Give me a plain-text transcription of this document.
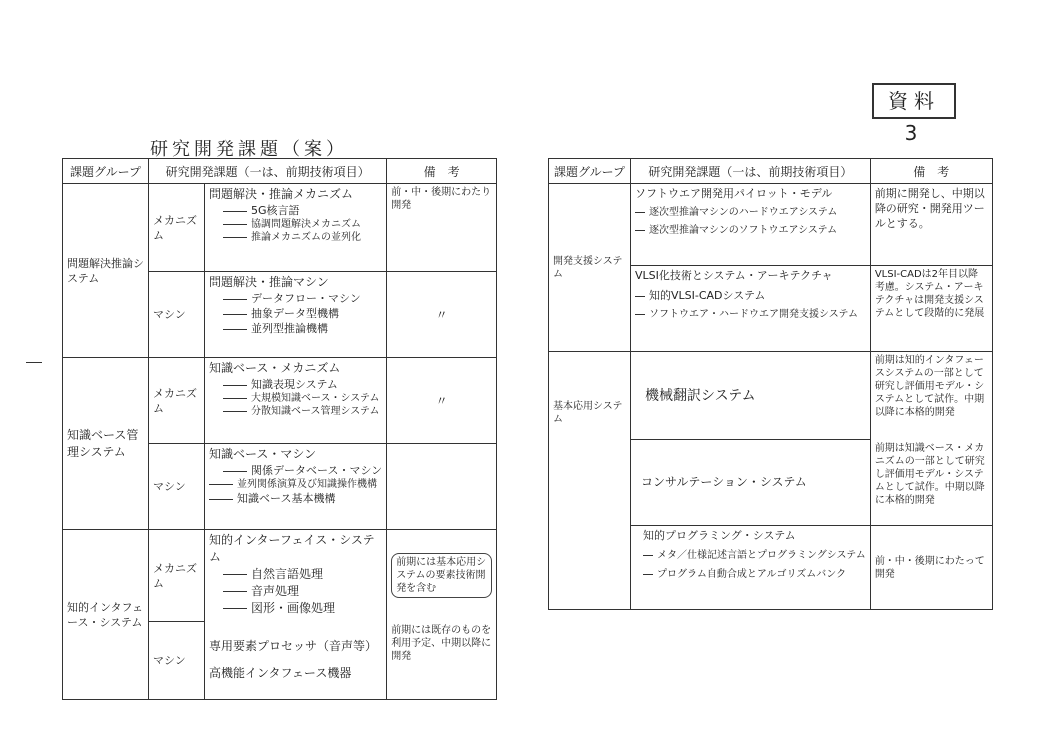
資料 3
研究開発課題（案）
課題グループ	研究開発課題（一は、前期技術項目）		備　考
問題解決推論システム	メカニズム	問題解決・推論メカニズム
5G核言語
協調問題解決メカニズム
推論メカニズムの並列化	前・中・後期にわたり開発
	マシン	問題解決・推論マシン
データフロー・マシン
抽象データ型機構
並列型推論機構	〃
知識ベース管理システム	メカニズム	知識ベース・メカニズム
知識表現システム
大規模知識ベース・システム
分散知識ベース管理システム	〃
	マシン	知識ベース・マシン
関係データベース・マシン
並列関係演算及び知識操作機構
知識ベース基本機構	

知的インタフェース・システム	メカニズム	知的インターフェイス・システム
自然言語処理
音声処理
図形・画像処理	前期には基本応用システムの要素技術開発を含む
	マシン	専用要素プロセッサ（音声等）
高機能インタフェース機器	前期には既存のものを利用予定、中期以降に開発
課題グループ	研究開発課題（一は、前期技術項目）	備　考
開発支援システム	ソフトウエア開発用パイロット・モデル
逐次型推論マシンのハードウエアシステム
逐次型推論マシンのソフトウエアシステム	前期に開発し、中期以降の研究・開発用ツールとする。

	VLSI化技術とシステム・アーキテクチャ
知的VLSI-CADシステム
ソフトウエア・ハードウエア開発支援システム	VLSI-CADは2年目以降考慮。システム・アーキテクチャは開発支援システムとして段階的に発展
基本応用システム	機械翻訳システム	前期は知的インタフェースシステムの一部として研究し評価用モデル・システムとして試作。中期以降に本格的開発
	コンサルテーション・システム	前期は知識ベース・メカニズムの一部として研究し評価用モデル・システムとして試作。中期以降に本格的開発

	知的プログラミング・システム
メタ／仕様記述言語とプログラミングシステム
プログラム自動合成とアルゴリズムバンク	前・中・後期にわたって開発
